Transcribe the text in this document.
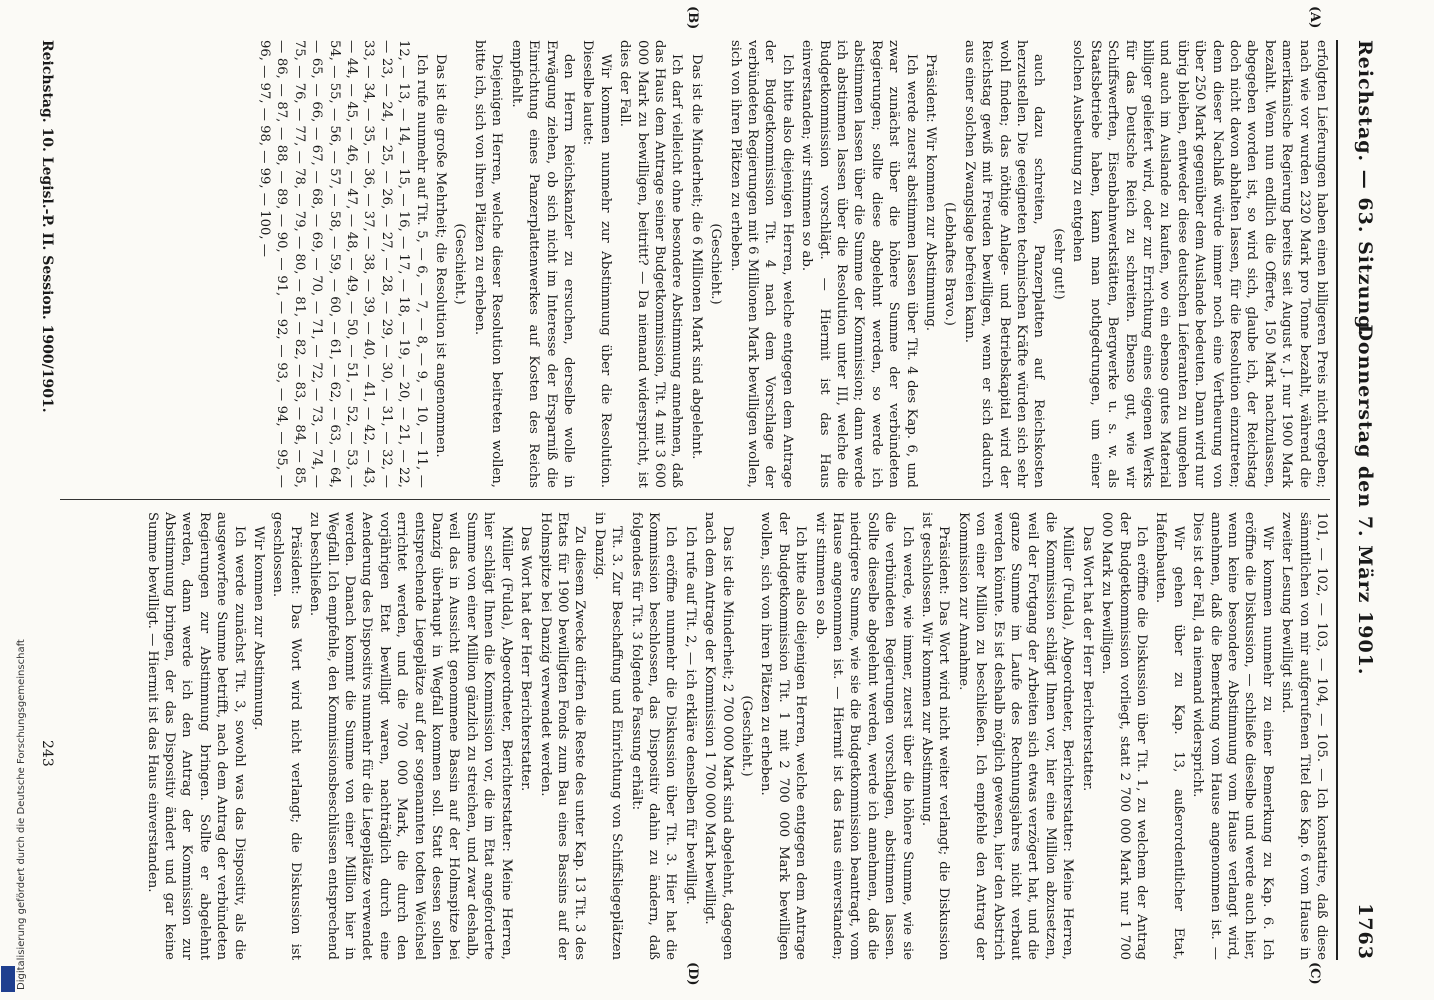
Reichstag. — 63. Sitzung.
Donnerstag den 7. März 1901.
1763
(A)
(B)
(C)
(D)

erfolgten Lieferungen haben einen billigeren Preis nicht ergeben; nach wie vor wurden 2320 Mark pro Tonne bezahlt, während die amerikanische Regierung bereits seit August v. J. nur 1900 Mark bezahlt. Wenn nun endlich die Offerte, 150 Mark nachzulassen, abgegeben worden ist, so wird sich, glaube ich, der Reichstag doch nicht davon abhalten lassen, für die Resolution einzutreten; denn dieser Nachlaß würde immer noch eine Vertheurung von über 250 Mark gegenüber dem Auslande bedeuten. Dann wird nur übrig bleiben, entweder diese deutschen Lieferanten zu umgehen und auch im Auslande zu kaufen, wo ein ebenso gutes Material billiger geliefert wird, oder zur Errichtung eines eigenen Werks für das Deutsche Reich zu schreiten. Ebenso gut, wie wir Schiffswerften, Eisenbahnwerkstätten, Bergwerke u. s. w. als Staatsbetriebe haben, kann man nothgedrungen, um einer solchen Ausbeutung zu entgehen

(sehr gut!)

auch dazu schreiten, Panzerplatten auf Reichskosten herzustellen. Die geeigneten technischen Kräfte würden sich sehr wohl finden; das nöthige Anlage- und Betriebskapital wird der Reichstag gewiß mit Freuden bewilligen, wenn er sich dadurch aus einer solchen Zwangslage befreien kann.

(Lebhaftes Bravo.)

Präsident: Wir kommen zur Abstimmung.

Ich werde zuerst abstimmen lassen über Tit. 4 des Kap. 6, und zwar zunächst über die höhere Summe der verbündeten Regierungen; sollte diese abgelehnt werden, so werde ich abstimmen lassen über die Summe der Kommission; dann werde ich abstimmen lassen über die Resolution unter III, welche die Budgetkommission vorschlägt. — Hiermit ist das Haus einverstanden; wir stimmen so ab.

Ich bitte also diejenigen Herren, welche entgegen dem Antrage der Budgetkommission Tit. 4 nach dem Vorschlage der verbündeten Regierungen mit 6 Millionen Mark bewilligen wollen, sich von ihren Plätzen zu erheben.

(Geschieht.)

Das ist die Minderheit; die 6 Millionen Mark sind abgelehnt.

Ich darf vielleicht ohne besondere Abstimmung annehmen, daß das Haus dem Antrage seiner Budgetkommission, Tit. 4 mit 3 600 000 Mark zu bewilligen, beitritt? — Da niemand widerspricht, ist dies der Fall.

Wir kommen nunmehr zur Abstimmung über die Resolution. Dieselbe lautet:

den Herrn Reichskanzler zu ersuchen, derselbe wolle in Erwägung ziehen, ob sich nicht im Interesse der Ersparniß die Einrichtung eines Panzerplattenwerkes auf Kosten des Reichs empfiehlt.

Diejenigen Herren, welche dieser Resolution beitreten wollen, bitte ich, sich von ihren Plätzen zu erheben.

(Geschieht.)

Das ist die große Mehrheit; die Resolution ist angenommen.

Ich rufe nunmehr auf Tit. 5, — 6, — 7, — 8, — 9, — 10, — 11, — 12, — 13, — 14, — 15, — 16, — 17, — 18, — 19, — 20, — 21, — 22, — 23, — 24, — 25, — 26, — 27, — 28, — 29, — 30, — 31, — 32, — 33, — 34, — 35, — 36, — 37, — 38, — 39, — 40, — 41, — 42, — 43, — 44, — 45, — 46, — 47, — 48, — 49, — 50, — 51, — 52, — 53, — 54, — 55, — 56, — 57, — 58, — 59, — 60, — 61, — 62, — 63, — 64, — 65, — 66, — 67, — 68, — 69, — 70, — 71, — 72, — 73, — 74, — 75, — 76, — 77, — 78, — 79, — 80, — 81, — 82, — 83, — 84, — 85, — 86, — 87, — 88, — 89, — 90, — 91, — 92, — 93, — 94, — 95, — 96, — 97, — 98, — 99, — 100, —

101, — 102, — 103, — 104, — 105. — Ich konstatire, daß diese sämmtlichen von mir aufgerufenen Titel des Kap. 6 vom Hause in zweiter Lesung bewilligt sind.

Wir kommen nunmehr zu einer Bemerkung zu Kap. 6. Ich eröffne die Diskussion, — schließe dieselbe und werde auch hier, wenn keine besondere Abstimmung vom Hause verlangt wird, annehmen, daß die Bemerkung vom Hause angenommen ist. — Dies ist der Fall, da niemand widerspricht.

Wir gehen über zu Kap. 13, außerordentlicher Etat, Hafenbauten.

Ich eröffne die Diskussion über Tit. 1, zu welchem der Antrag der Budgetkommission vorliegt, statt 2 700 000 Mark nur 1 700 000 Mark zu bewilligen.

Das Wort hat der Herr Berichterstatter.

Müller (Fulda), Abgeordneter, Berichterstatter: Meine Herren, die Kommission schlägt Ihnen vor, hier eine Million abzusetzen, weil der Fortgang der Arbeiten sich etwas verzögert hat, und die ganze Summe im Laufe des Rechnungsjahres nicht verbaut werden könnte. Es ist deshalb möglich gewesen, hier den Abstrich von einer Million zu beschließen. Ich empfehle den Antrag der Kommission zur Annahme.

Präsident: Das Wort wird nicht weiter verlangt; die Diskussion ist geschlossen. Wir kommen zur Abstimmung.

Ich werde, wie immer, zuerst über die höhere Summe, wie sie die verbündeten Regierungen vorschlagen, abstimmen lassen. Sollte dieselbe abgelehnt werden, werde ich annehmen, daß die niedrigere Summe, wie sie die Budgetkommission beantragt, vom Hause angenommen ist. — Hiermit ist das Haus einverstanden; wir stimmen so ab.

Ich bitte also diejenigen Herren, welche entgegen dem Antrage der Budgetkommission Tit. 1 mit 2 700 000 Mark bewilligen wollen, sich von ihren Plätzen zu erheben.

(Geschieht.)

Das ist die Minderheit; 2 700 000 Mark sind abgelehnt, dagegen nach dem Antrage der Kommission 1 700 000 Mark bewilligt.

Ich rufe auf Tit. 2, — ich erkläre denselben für bewilligt.

Ich eröffne nunmehr die Diskussion über Tit. 3. Hier hat die Kommission beschlossen, das Dispositiv dahin zu ändern, daß folgendes für Tit. 3 folgende Fassung erhält:

Tit. 3. Zur Beschaffung und Einrichtung von Schiffsliegeplätzen in Danzig.

Zu diesem Zwecke dürfen die Reste des unter Kap. 13 Tit. 3 des Etats für 1900 bewilligten Fonds zum Bau eines Bassins auf der Holmspitze bei Danzig verwendet werden.

Das Wort hat der Herr Berichterstatter.

Müller (Fulda), Abgeordneter, Berichterstatter: Meine Herren, hier schlägt Ihnen die Kommission vor, die im Etat angeforderte Summe von einer Million gänzlich zu streichen, und zwar deshalb, weil das in Aussicht genommene Bassin auf der Holmspitze bei Danzig überhaupt in Wegfall kommen soll. Statt dessen sollen entsprechende Liegeplätze auf der sogenannten todten Weichsel errichtet werden, und die 700 000 Mark, die durch den vorjährigen Etat bewilligt waren, nachträglich durch eine Aenderung des Dispositivs nunmehr für die Liegeplätze verwendet werden. Danach kommt die Summe von einer Million hier in Wegfall. Ich empfehle, den Kommissionsbeschlüssen entsprechend zu beschließen.

Präsident: Das Wort wird nicht verlangt; die Diskussion ist geschlossen.

Wir kommen zur Abstimmung.

Ich werde zunächst Tit. 3, sowohl was das Dispositiv, als die ausgeworfene Summe betrifft, nach dem Antrag der verbündeten Regierungen zur Abstimmung bringen. Sollte er abgelehnt werden, dann werde ich den Antrag der Kommission zur Abstimmung bringen, der das Dispositiv ändert und gar keine Summe bewilligt. — Hiermit ist das Haus einverstanden.

Reichstag. 10. Legisl.-P. II. Session. 1900/1901.
243
Digitalisierung gefördert durch die Deutsche Forschungsgemeinschaft
